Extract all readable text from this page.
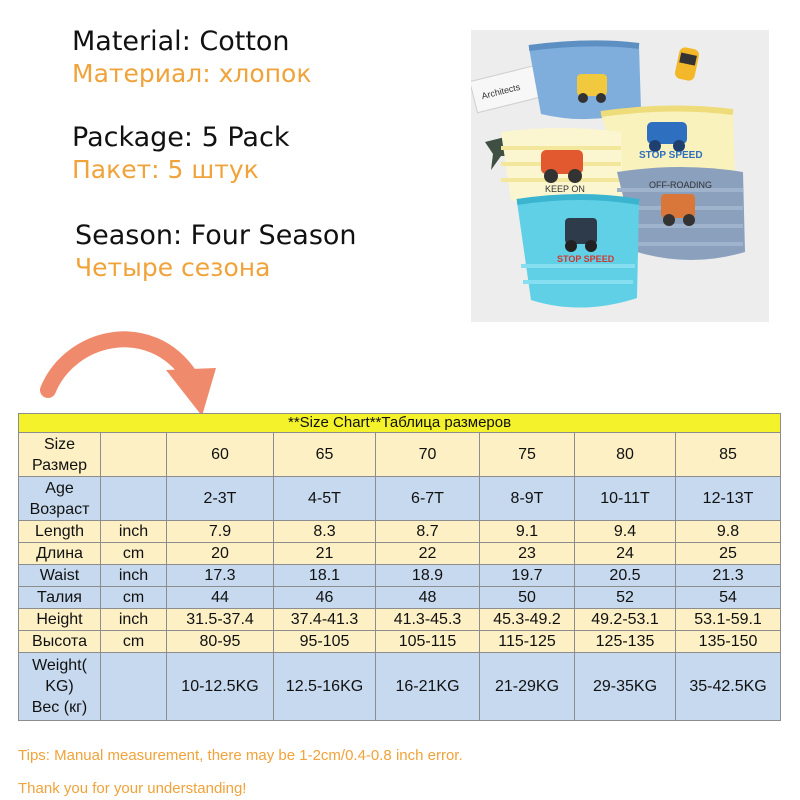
Material: Cotton
Материал: хлопок
Package: 5 Pack
Пакет: 5 штук
Season: Four Season
Четыре сезона
Architects
STOP SPEED
KEEP ON	OFF-ROADING
STOP SPEED
**Size Chart**Таблица размеров							

Size
Размер		60	65	70	75	80	85

Age
Возраст		2-3T	4-5T	6-7T	8-9T	10-11T	12-13T
Length	inch	7.9	8.3	8.7	9.1	9.4	9.8
Длина	cm	20	21	22	23	24	25
Waist	inch	17.3	18.1	18.9	19.7	20.5	21.3
Талия	cm	44	46	48	50	52	54
Height	inch	31.5-37.4	37.4-41.3	41.3-45.3	45.3-49.2	49.2-53.1	53.1-59.1
Высота	cm	80-95	95-105	105-115	115-125	125-135	135-150

Weight(
KG)
Вес (кг)		10-12.5KG	12.5-16KG	16-21KG	21-29KG	29-35KG	35-42.5KG
Tips: Manual measurement, there may be 1-2cm/0.4-0.8 inch error.
Thank you for your understanding!
